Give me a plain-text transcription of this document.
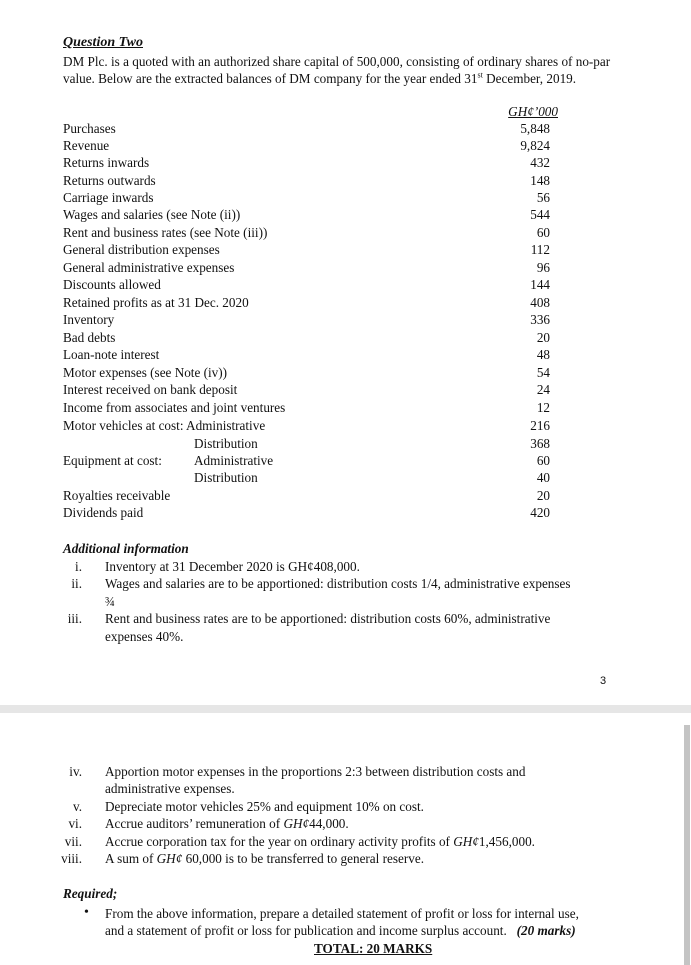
Question Two
DM Plc. is a quoted with an authorized share capital of 500,000, consisting of ordinary shares of no-par value. Below are the extracted balances of DM company for the year ended 31st December, 2019.
GH¢’000
Purchases	5,848
Revenue	9,824
Returns inwards	432
Returns outwards	148
Carriage inwards	56
Wages and salaries (see Note (ii))	544
Rent and business rates (see Note (iii))	60
General distribution expenses	112
General administrative expenses	96
Discounts allowed	144
Retained profits as at 31 Dec. 2020	408
Inventory	336
Bad debts	20
Loan-note interest	48
Motor expenses (see Note (iv))	54
Interest received on bank deposit	24
Income from associates and joint ventures	12
Motor vehicles at cost: Administrative	216
Distribution	368
Equipment at cost: Administrative	60
Distribution	40
Royalties receivable	20
Dividends paid	420
Additional information
i. Inventory at 31 December 2020 is GH¢408,000.
ii. Wages and salaries are to be apportioned: distribution costs 1/4, administrative expenses
¾
iii. Rent and business rates are to be apportioned: distribution costs 60%, administrative
expenses 40%.
3
iv. Apportion motor expenses in the proportions 2:3 between distribution costs and
administrative expenses.
v. Depreciate motor vehicles 25% and equipment 10% on cost.
vi. Accrue auditors’ remuneration of GH¢44,000.
vii. Accrue corporation tax for the year on ordinary activity profits of GH¢1,456,000.
viii. A sum of GH¢ 60,000 is to be transferred to general reserve.
Required;
• From the above information, prepare a detailed statement of profit or loss for internal use,
and a statement of profit or loss for publication and income surplus account. (20 marks)
TOTAL: 20 MARKS
